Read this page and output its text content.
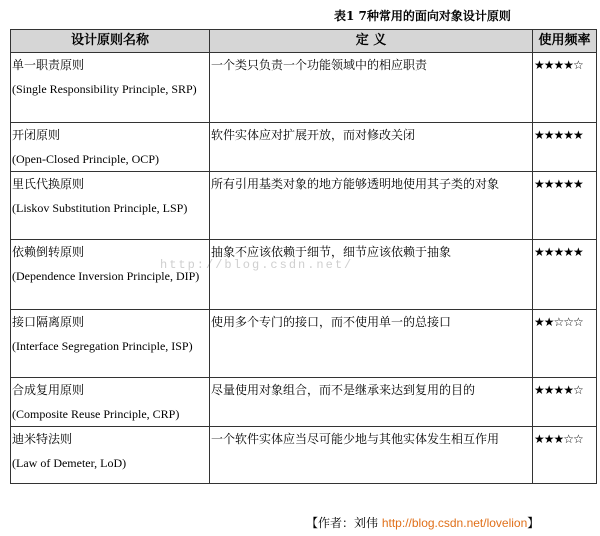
表1 7种常用的面向对象设计原则
http://blog.csdn.net/
设计原则名称	定 义	使用频率

单一职责原则
(Single Responsibility Principle, SRP)	一个类只负责一个功能领域中的相应职责	★★★★☆

开闭原则
(Open-Closed Principle, OCP)	软件实体应对扩展开放，而对修改关闭	★★★★★

里氏代换原则
(Liskov Substitution Principle, LSP)	所有引用基类对象的地方能够透明地使用其子类的对象	★★★★★

依赖倒转原则
(Dependence Inversion Principle, DIP)	抽象不应该依赖于细节，细节应该依赖于抽象	★★★★★

接口隔离原则
(Interface Segregation Principle, ISP)	使用多个专门的接口，而不使用单一的总接口	★★☆☆☆

合成复用原则
(Composite Reuse Principle, CRP)	尽量使用对象组合，而不是继承来达到复用的目的	★★★★☆

迪米特法则
(Law of Demeter, LoD)	一个软件实体应当尽可能少地与其他实体发生相互作用	★★★☆☆
【作者：刘伟 http://blog.csdn.net/lovelion】
